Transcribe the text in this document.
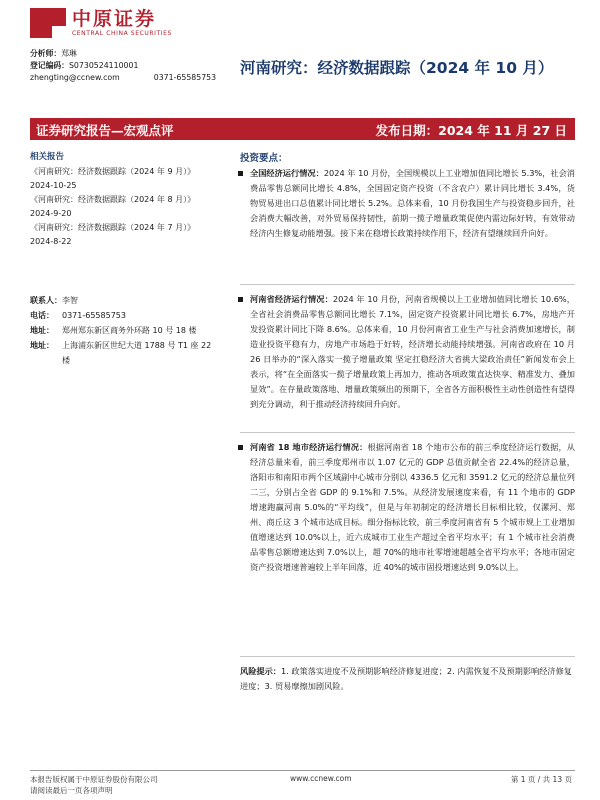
中原证券
CENTRAL CHINA SECURITIES
分析师：郑琳
登记编码：S0730524110001
zhengting@ccnew.com	0371-65585753
河南研究：经济数据跟踪（2024 年 10 月）
证券研究报告—宏观点评	发布日期：2024 年 11 月 27 日
相关报告
《河南研究：经济数据跟踪（2024 年 9 月）》
2024-10-25
《河南研究：经济数据跟踪（2024 年 8 月）》
2024-9-20
《河南研究：经济数据跟踪（2024 年 7 月）》
2024-8-22
联系人： 李智
电话：	0371-65585753
地址：	郑州郑东新区商务外环路 10 号 18 楼
地址：	上海浦东新区世纪大道 1788 号 T1 座 22 楼
投资要点：

全国经济运行情况：2024 年 10 月份，全国规模以上工业增加值同比增长 5.3%，社会消费品零售总额同比增长 4.8%，全国固定资产投资（不含农户）累计同比增长 3.4%，货物贸易进出口总值累计同比增长 5.2%。总体来看，10 月份我国生产与投资稳步回升，社会消费大幅改善，对外贸易保持韧性，前期一揽子增量政策促使内需边际好转，有效带动经济内生修复动能增强。接下来在稳增长政策持续作用下，经济有望继续回升向好。

河南省经济运行情况：2024 年 10 月份，河南省规模以上工业增加值同比增长 10.6%，全省社会消费品零售总额同比增长 7.1%，固定资产投资累计同比增长 6.7%，房地产开发投资累计同比下降 8.6%。总体来看，10 月份河南省工业生产与社会消费加速增长，制造业投资平稳有力，房地产市场趋于好转，经济增长动能持续增强。河南省政府在 10 月 26 日举办的“深入落实一揽子增量政策 坚定扛稳经济大省挑大梁政治责任”新闻发布会上表示，将“在全面落实一揽子增量政策上再加力，推动各项政策直达快享、精准发力、叠加显效”。在存量政策落地、增量政策频出的预期下，全省各方面积极性主动性创造性有望得到充分调动，利于推动经济持续回升向好。

河南省 18 地市经济运行情况：根据河南省 18 个地市公布的前三季度经济运行数据，从经济总量来看，前三季度郑州市以 1.07 亿元的 GDP 总值贡献全省 22.4%的经济总量，洛阳市和南阳市两个区域副中心城市分别以 4336.5 亿元和 3591.2 亿元的经济总量位列二三，分别占全省 GDP 的 9.1%和 7.5%。从经济发展速度来看，有 11 个地市的 GDP 增速跑赢河南 5.0%的“平均线”，但是与年初制定的经济增长目标相比较，仅漯河、郑州、商丘这 3 个城市达成目标。细分指标比较，前三季度河南省有 5 个城市规上工业增加值增速达到 10.0%以上，近六成城市工业生产超过全省平均水平；有 1 个城市社会消费品零售总额增速达到 7.0%以上，超 70%的地市社零增速超越全省平均水平；各地市固定资产投资增速普遍较上半年回落，近 40%的城市固投增速达到 9.0%以上。

风险提示：1. 政策落实进度不及预期影响经济修复进度；2. 内需恢复不及预期影响经济修复进度；3. 贸易摩擦加剧风险。
本报告版权属于中原证券股份有限公司
请阅读最后一页各项声明
www.ccnew.com	第 1 页 / 共 13 页
